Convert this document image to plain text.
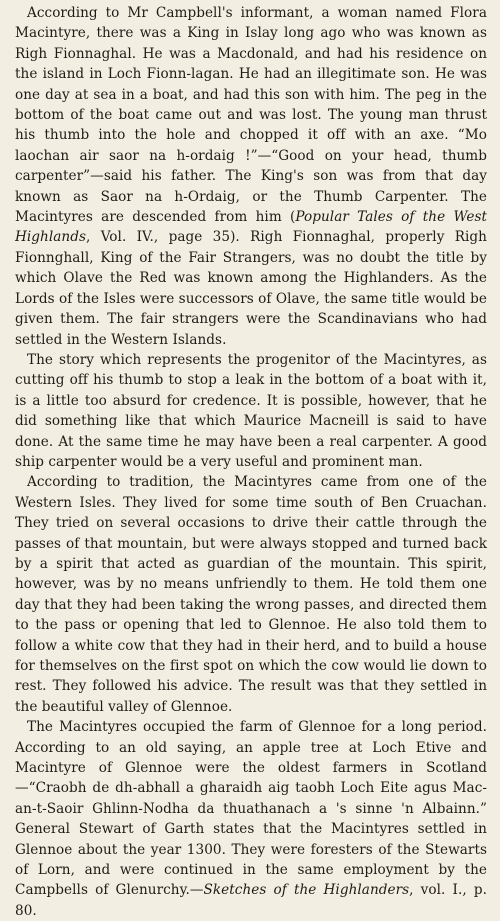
According to Mr Campbell's informant, a woman named Flora Macintyre, there was a King in Islay long ago who was known as Righ Fionnaghal. He was a Macdonald, and had his residence on the island in Loch Fionn-lagan. He had an illegitimate son. He was one day at sea in a boat, and had this son with him. The peg in the bottom of the boat came out and was lost. The young man thrust his thumb into the hole and chopped it off with an axe. “Mo laochan air saor na h-ordaig !”—“Good on your head, thumb carpenter”—said his father. The King's son was from that day known as Saor na h-Ordaig, or the Thumb Carpenter. The Macintyres are descended from him (Popular Tales of the West Highlands, Vol. IV., page 35). Righ Fionnaghal, properly Righ Fionnghall, King of the Fair Strangers, was no doubt the title by which Olave the Red was known among the Highlanders. As the Lords of the Isles were successors of Olave, the same title would be given them. The fair strangers were the Scandinavians who had settled in the Western Islands.

The story which represents the progenitor of the Macintyres, as cutting off his thumb to stop a leak in the bottom of a boat with it, is a little too absurd for credence. It is possible, however, that he did something like that which Maurice Macneill is said to have done. At the same time he may have been a real carpenter. A good ship carpenter would be a very useful and prominent man.

According to tradition, the Macintyres came from one of the Western Isles. They lived for some time south of Ben Cruachan. They tried on several occasions to drive their cattle through the passes of that mountain, but were always stopped and turned back by a spirit that acted as guardian of the mountain. This spirit, however, was by no means unfriendly to them. He told them one day that they had been taking the wrong passes, and directed them to the pass or opening that led to Glennoe. He also told them to follow a white cow that they had in their herd, and to build a house for themselves on the first spot on which the cow would lie down to rest. They followed his advice. The result was that they settled in the beautiful valley of Glennoe.

The Macintyres occupied the farm of Glennoe for a long period. According to an old saying, an apple tree at Loch Etive and Macintyre of Glennoe were the oldest farmers in Scotland—“Craobh de dh-abhall a gharaidh aig taobh Loch Eite agus Mac-an-t-Saoir Ghlinn-Nodha da thuathanach a 's sinne 'n Albainn.” General Stewart of Garth states that the Macintyres settled in Glennoe about the year 1300. They were foresters of the Stewarts of Lorn, and were continued in the same employment by the Campbells of Glenurchy.—Sketches of the Highlanders, vol. I., p. 80.
